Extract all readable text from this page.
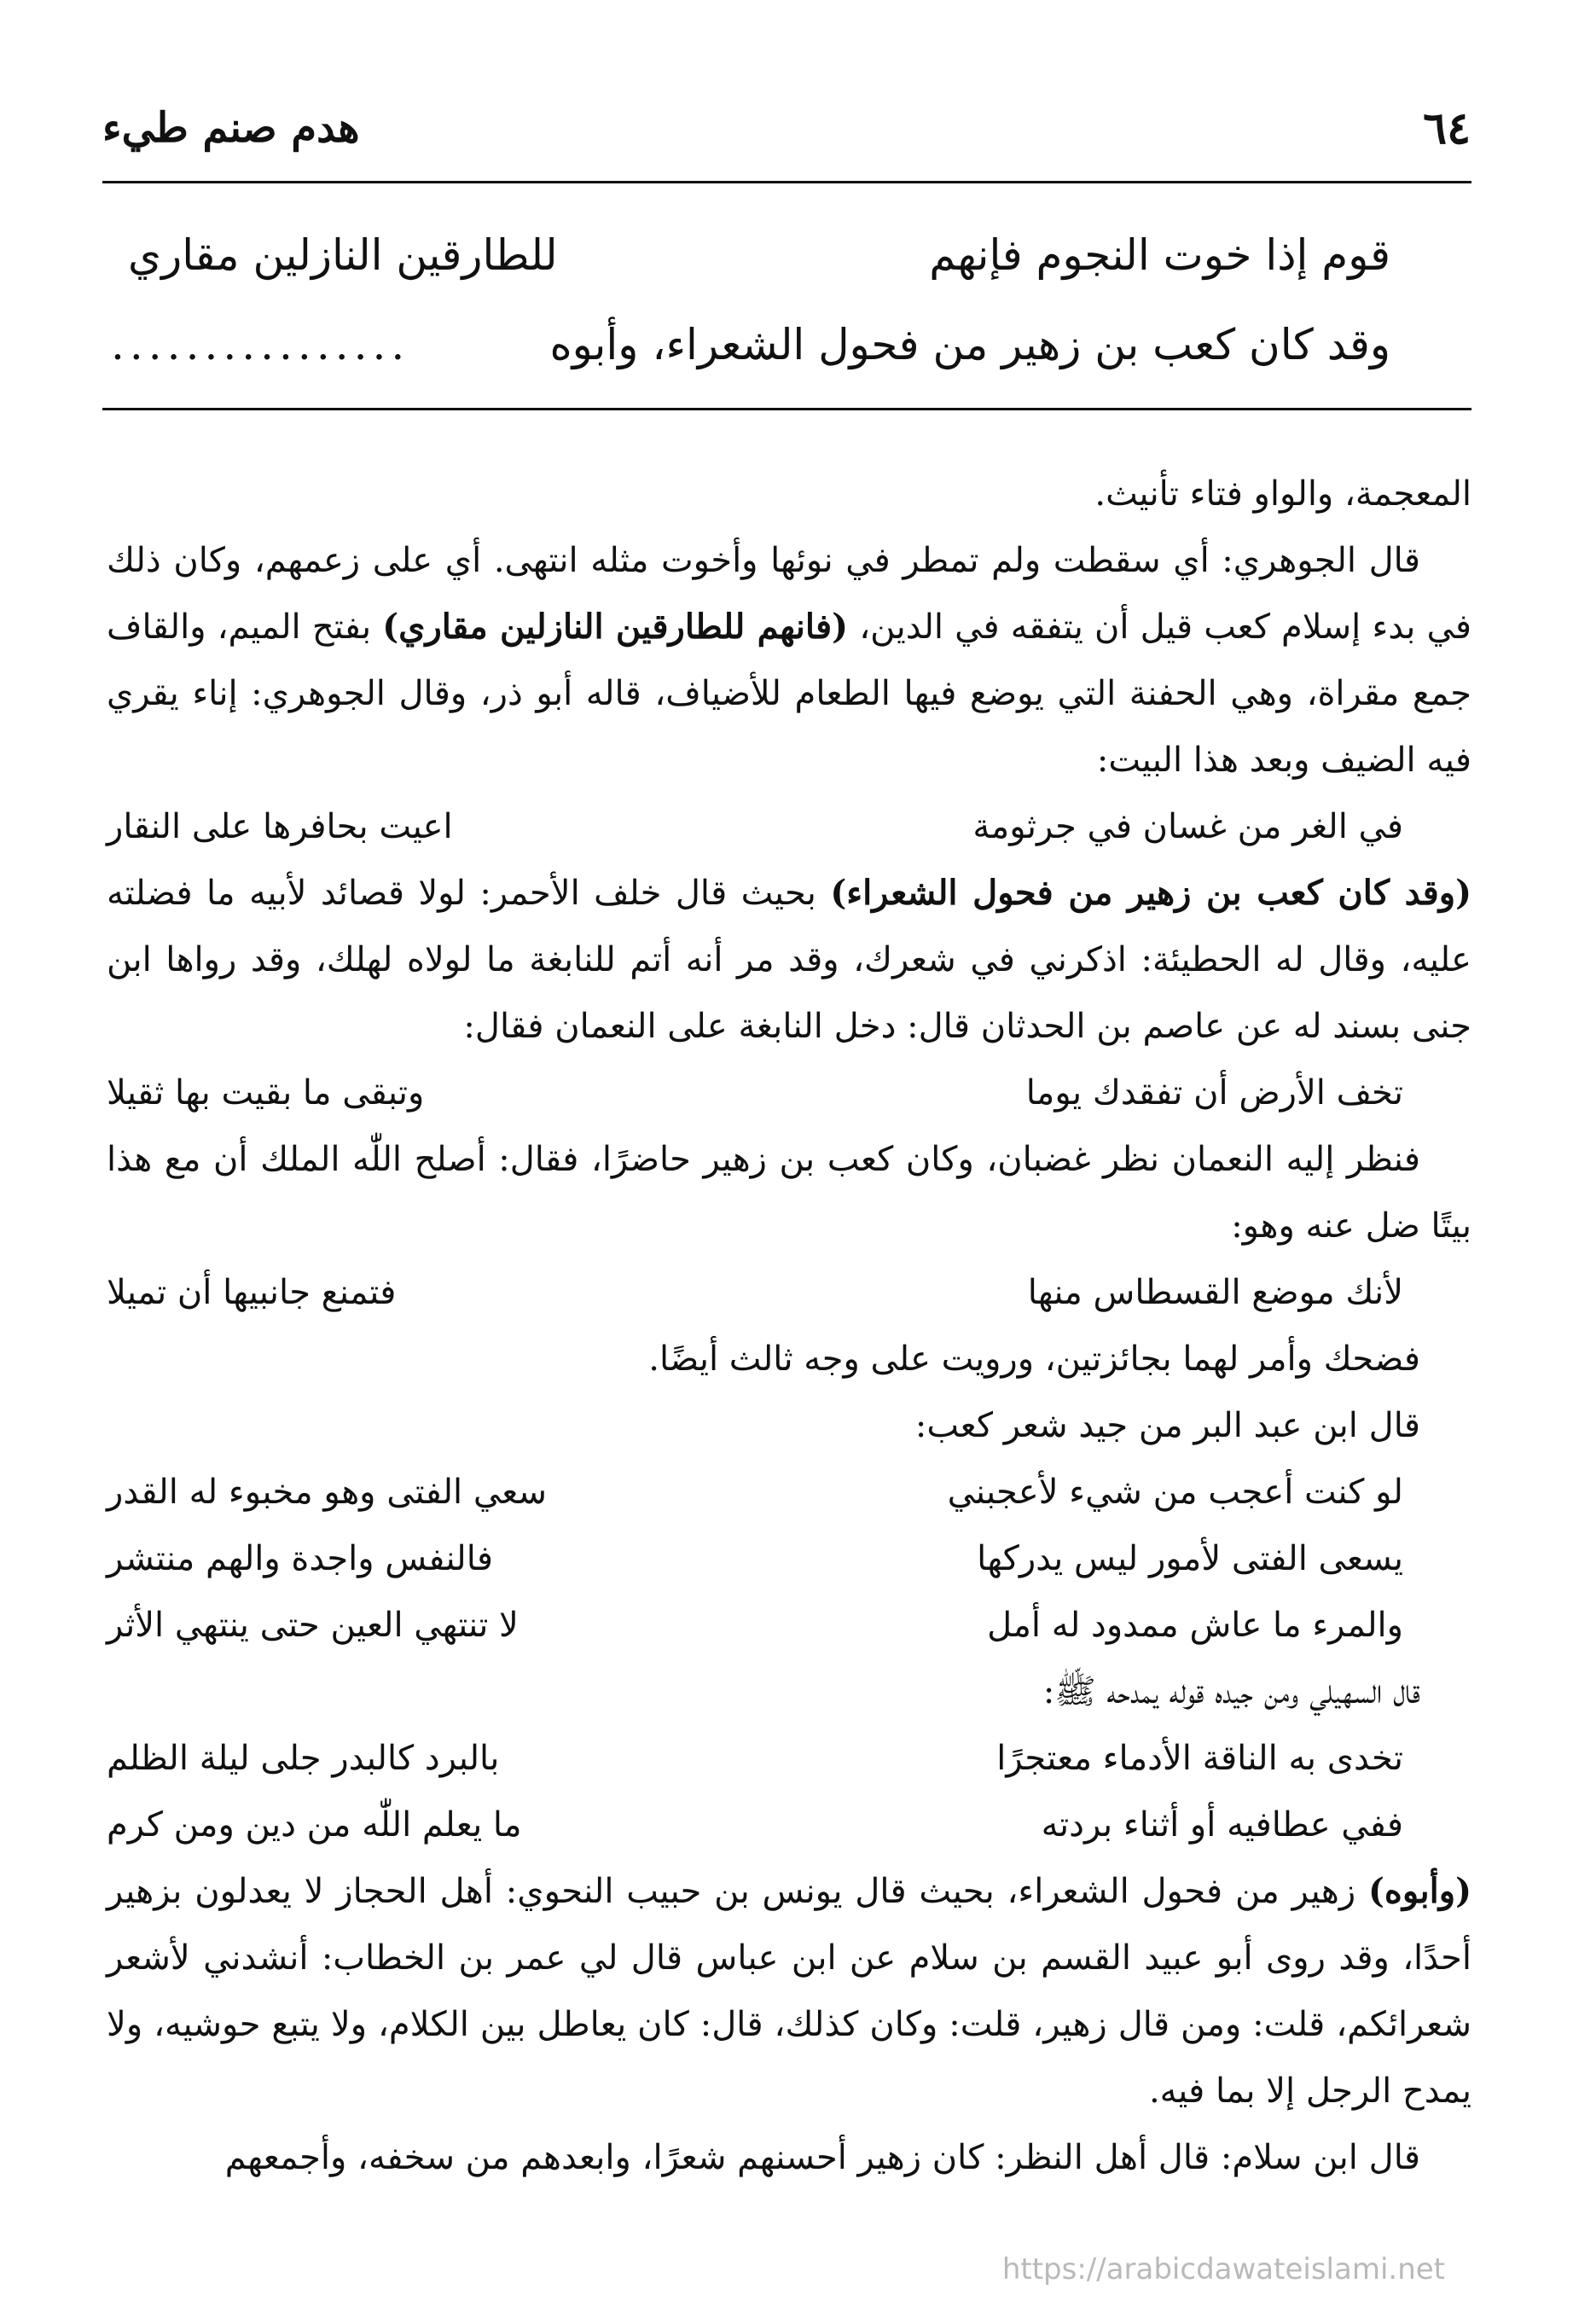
٦٤
هدم صنم طيء
قوم إذا خوت النجوم فإنهم
للطارقين النازلين مقاري
وقد كان كعب بن زهير من فحول الشعراء، وأبوه
................

المعجمة، والواو فتاء تأنيث.

قال الجوهري: أي سقطت ولم تمطر في نوئها وأخوت مثله انتهى. أي على زعمهم، وكان ذلك في بدء إسلام كعب قيل أن يتفقه في الدين، (فانهم للطارقين النازلين مقاري) بفتح الميم، والقاف جمع مقراة، وهي الحفنة التي يوضع فيها الطعام للأضياف، قاله أبو ذر، وقال الجوهري: إناء يقري فيه الضيف وبعد هذا البيت:

في الغر من غسان في جرثومة
اعيت بحافرها على النقار

(وقد كان كعب بن زهير من فحول الشعراء) بحيث قال خلف الأحمر: لولا قصائد لأبيه ما فضلته عليه، وقال له الحطيئة: اذكرني في شعرك، وقد مر أنه أتم للنابغة ما لولاه لهلك، وقد رواها ابن جنى بسند له عن عاصم بن الحدثان قال: دخل النابغة على النعمان فقال:

تخف الأرض أن تفقدك يوما
وتبقى ما بقيت بها ثقيلا

فنظر إليه النعمان نظر غضبان، وكان كعب بن زهير حاضرًا، فقال: أصلح اللّٰه الملك أن مع هذا بيتًا ضل عنه وهو:

لأنك موضع القسطاس منها
فتمنع جانبيها أن تميلا

فضحك وأمر لهما بجائزتين، ورويت على وجه ثالث أيضًا.

قال ابن عبد البر من جيد شعر كعب:

لو كنت أعجب من شيء لأعجبني
سعي الفتى وهو مخبوء له القدر
يسعى الفتى لأمور ليس يدركها
فالنفس واجدة والهم منتشر
والمرء ما عاش ممدود له أمل
لا تنتهي العين حتى ينتهي الأثر

قال السهيلي ومن جيده قوله يمدحه ﷺ:

تخدى به الناقة الأدماء معتجرًا
بالبرد كالبدر جلى ليلة الظلم
ففي عطافيه أو أثناء بردته
ما يعلم اللّٰه من دين ومن كرم

(وأبوه) زهير من فحول الشعراء، بحيث قال يونس بن حبيب النحوي: أهل الحجاز لا يعدلون بزهير أحدًا، وقد روى أبو عبيد القسم بن سلام عن ابن عباس قال لي عمر بن الخطاب: أنشدني لأشعر شعرائكم، قلت: ومن قال زهير، قلت: وكان كذلك، قال: كان يعاطل بين الكلام، ولا يتبع حوشيه، ولا يمدح الرجل إلا بما فيه.

قال ابن سلام: قال أهل النظر: كان زهير أحسنهم شعرًا، وابعدهم من سخفه، وأجمعهم

https://arabicdawateislami.net
